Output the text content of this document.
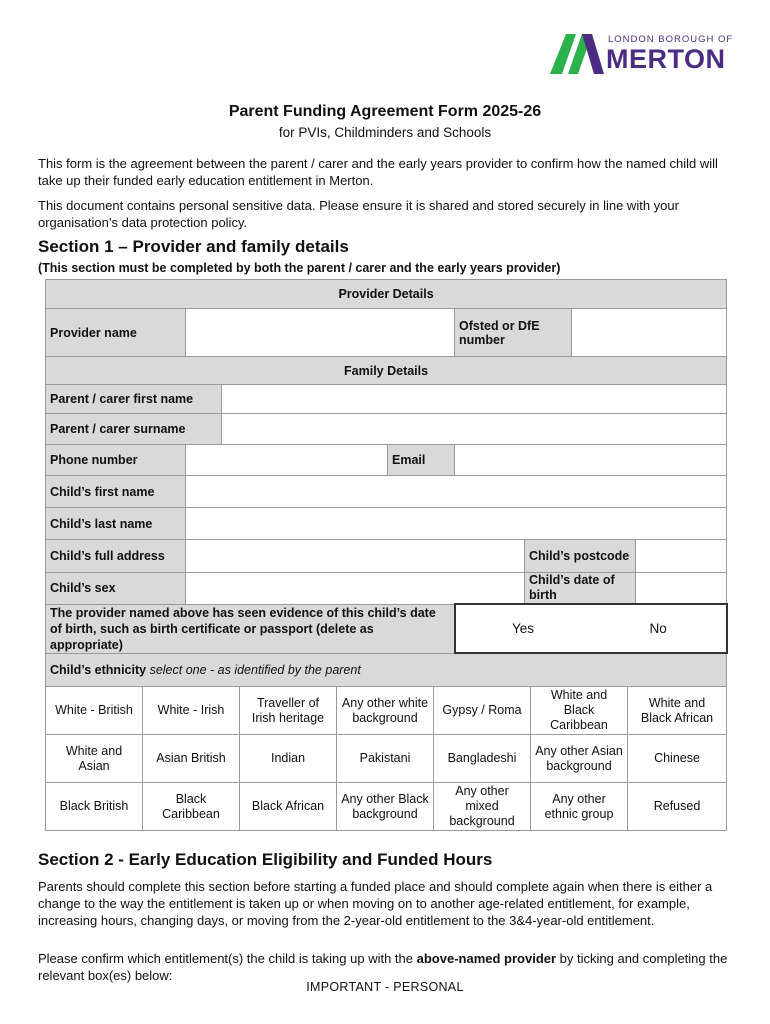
LONDON BOROUGH OF
MERTON
Parent Funding Agreement Form 2025-26
for PVIs, Childminders and Schools
This form is the agreement between the parent / carer and the early years provider to confirm how the named child will take up their funded early education entitlement in Merton.
This document contains personal sensitive data. Please ensure it is shared and stored securely in line with your organisation’s data protection policy.
Section 1 – Provider and family details
(This section must be completed by both the parent / carer and the early years provider)
Provider Details							
Provider name				Ofsted or DfE number			
Family Details							
Parent / carer first name							
Parent / carer surname							
Phone number			Email				
Child’s first name							
Child’s last name							
Child’s full address					Child’s postcode		
Child’s sex					Child’s date of birth		
The provider named above has seen evidence of this child’s date of birth, such as birth certificate or passport (delete as appropriate)				Yes No			

Child’s ethnicity select one - as identified by the parent							
White - British	White - Irish	Traveller of Irish heritage	Any other white background	Gypsy / Roma	White and Black Caribbean	White and Black African
White and Asian	Asian British	Indian	Pakistani	Bangladeshi	Any other Asian background	Chinese
Black British	Black Caribbean	Black African	Any other Black background	Any other mixed background	Any other ethnic group	Refused
Section 2 - Early Education Eligibility and Funded Hours
Parents should complete this section before starting a funded place and should complete again when there is either a change to the way the entitlement is taken up or when moving on to another age-related entitlement, for example, increasing hours, changing days, or moving from the 2-year-old entitlement to the 3&4-year-old entitlement.
Please confirm which entitlement(s) the child is taking up with the above-named provider by ticking and completing the relevant box(es) below:
IMPORTANT - PERSONAL
